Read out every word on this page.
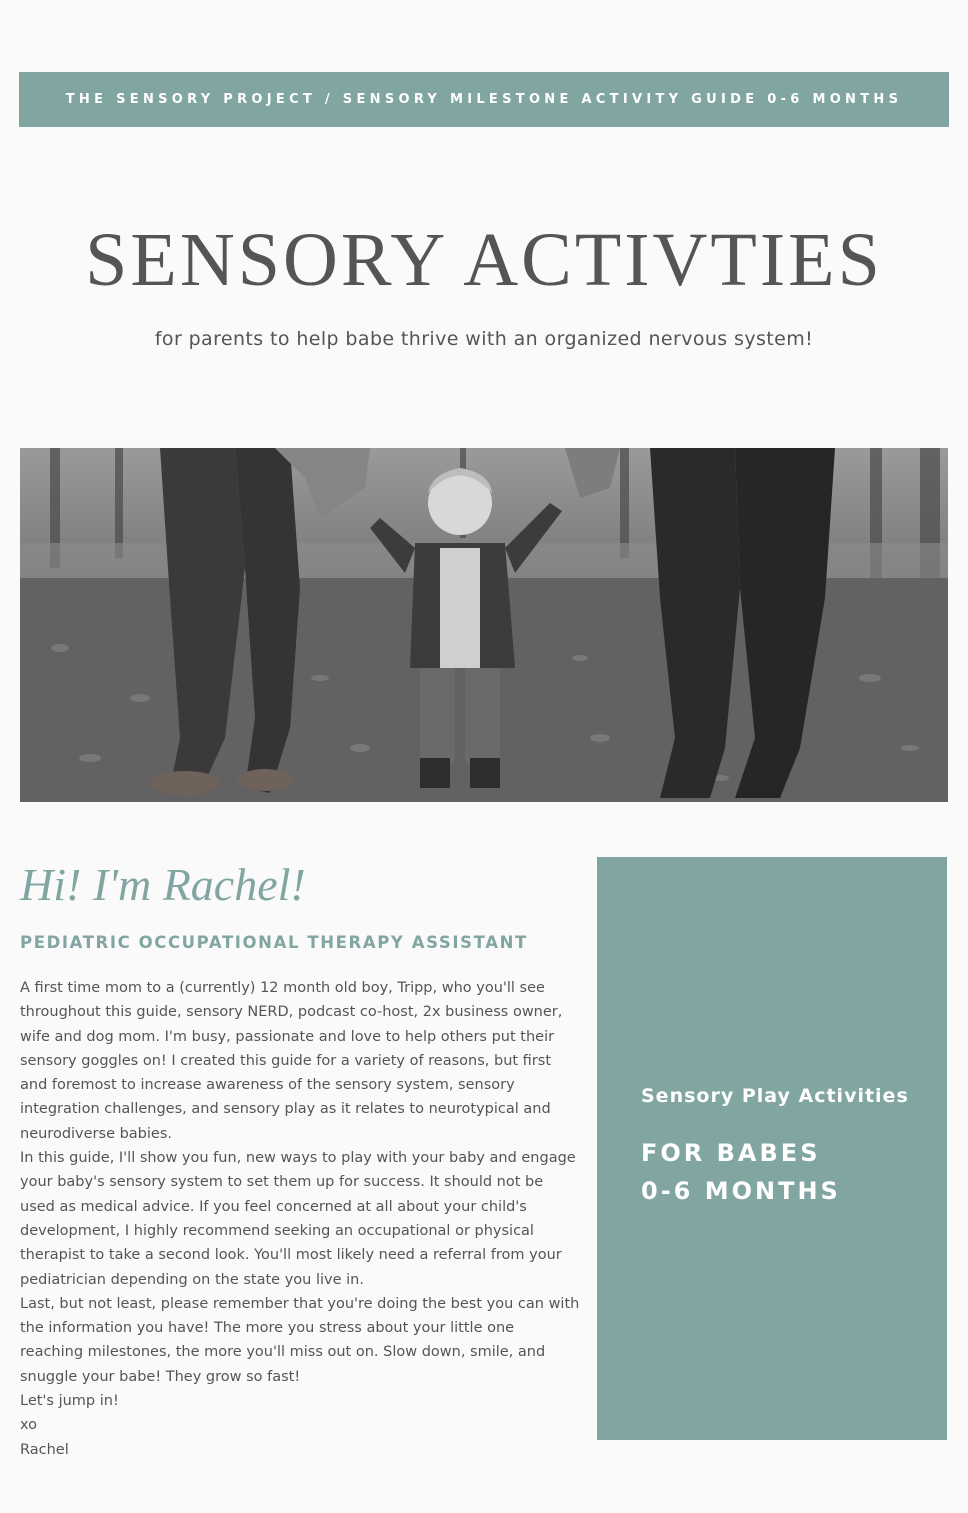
THE SENSORY PROJECT / SENSORY MILESTONE ACTIVITY GUIDE 0-6 MONTHS
SENSORY ACTIVTIES
for parents to help babe thrive with an organized nervous system!
Hi! I'm Rachel!
PEDIATRIC OCCUPATIONAL THERAPY ASSISTANT

A first time mom to a (currently) 12 month old boy, Tripp, who you'll see

throughout this guide, sensory NERD, podcast co-host, 2x business owner,

wife and dog mom. I'm busy, passionate and love to help others put their

sensory goggles on! I created this guide for a variety of reasons, but first

and foremost to increase awareness of the sensory system, sensory

integration challenges, and sensory play as it relates to neurotypical and

neurodiverse babies.

In this guide, I'll show you fun, new ways to play with your baby and engage

your baby's sensory system to set them up for success. It should not be

used as medical advice. If you feel concerned at all about your child's

development, I highly recommend seeking an occupational or physical

therapist to take a second look. You'll most likely need a referral from your

pediatrician depending on the state you live in.

Last, but not least, please remember that you're doing the best you can with

the information you have! The more you stress about your little one

reaching milestones, the more you'll miss out on. Slow down, smile, and

snuggle your babe! They grow so fast!

Let's jump in!

xo

Rachel

Sensory Play Activities
FOR BABES
0-6 MONTHS
